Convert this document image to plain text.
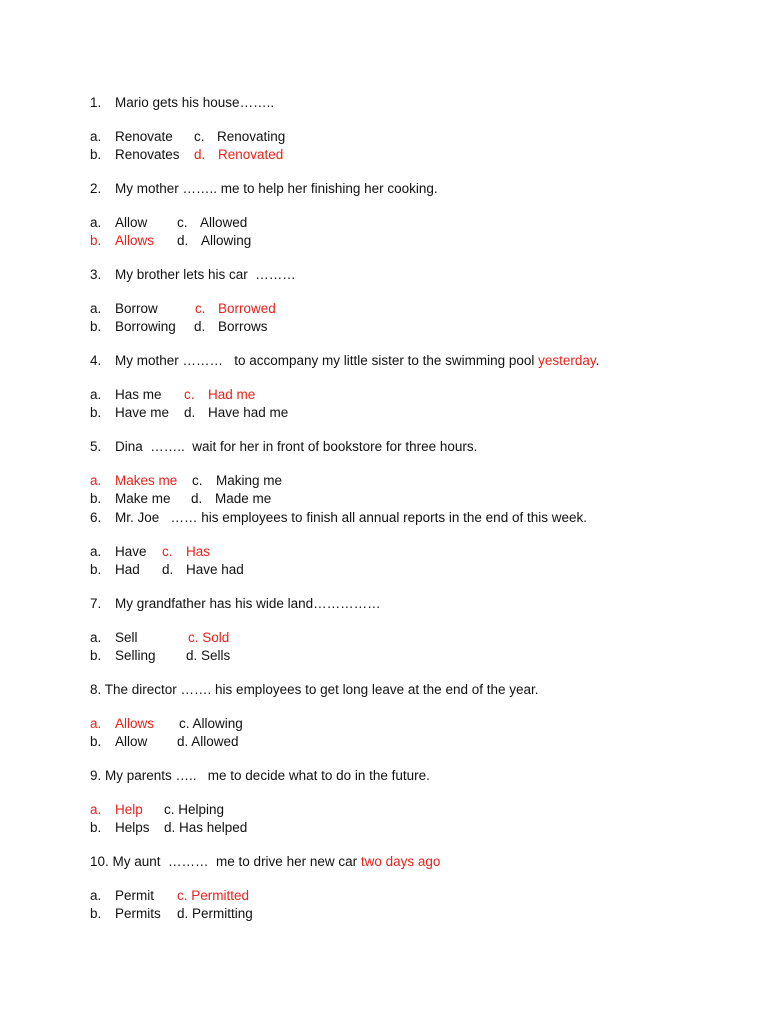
1.

Mario gets his house……..

a.

Renovate

c.

Renovating

b.

Renovates

d.

Renovated

2.

My mother …….. me to help her finishing her cooking.

a.

Allow

c.

Allowed

b.

Allows

d.

Allowing

3.

My brother lets his car  ………

a.

Borrow

	c.

Borrowed

b.

Borrowing

d.

Borrows

4.

My mother ………   to accompany my little sister to the swimming pool yesterday.

a.

Has me

c.

Had me

b.

Have me

d.

Have had me

5.

Dina  ……..  wait for her in front of bookstore for three hours.

a.

Makes me

c.

Making me

b.

Make me

d.

Made me

6.

Mr. Joe   …… his employees to finish all annual reports in the end of this week.

a.

Have

c.

Has

b.

Had

d.

Have had

7.

My grandfather has his wide land……………

a.

Sell

	c. Sold

b.

Selling

d. Sells

8. The director ……. his employees to get long leave at the end of the year.

a.

Allows

c. Allowing

b.

Allow

d. Allowed

9. My parents …..   me to decide what to do in the future.

a.

Help

c. Helping

b.

Helps

d. Has helped

10. My aunt  ………  me to drive her new car two days ago

a.

Permit

c. Permitted

b.

Permits

d. Permitting
